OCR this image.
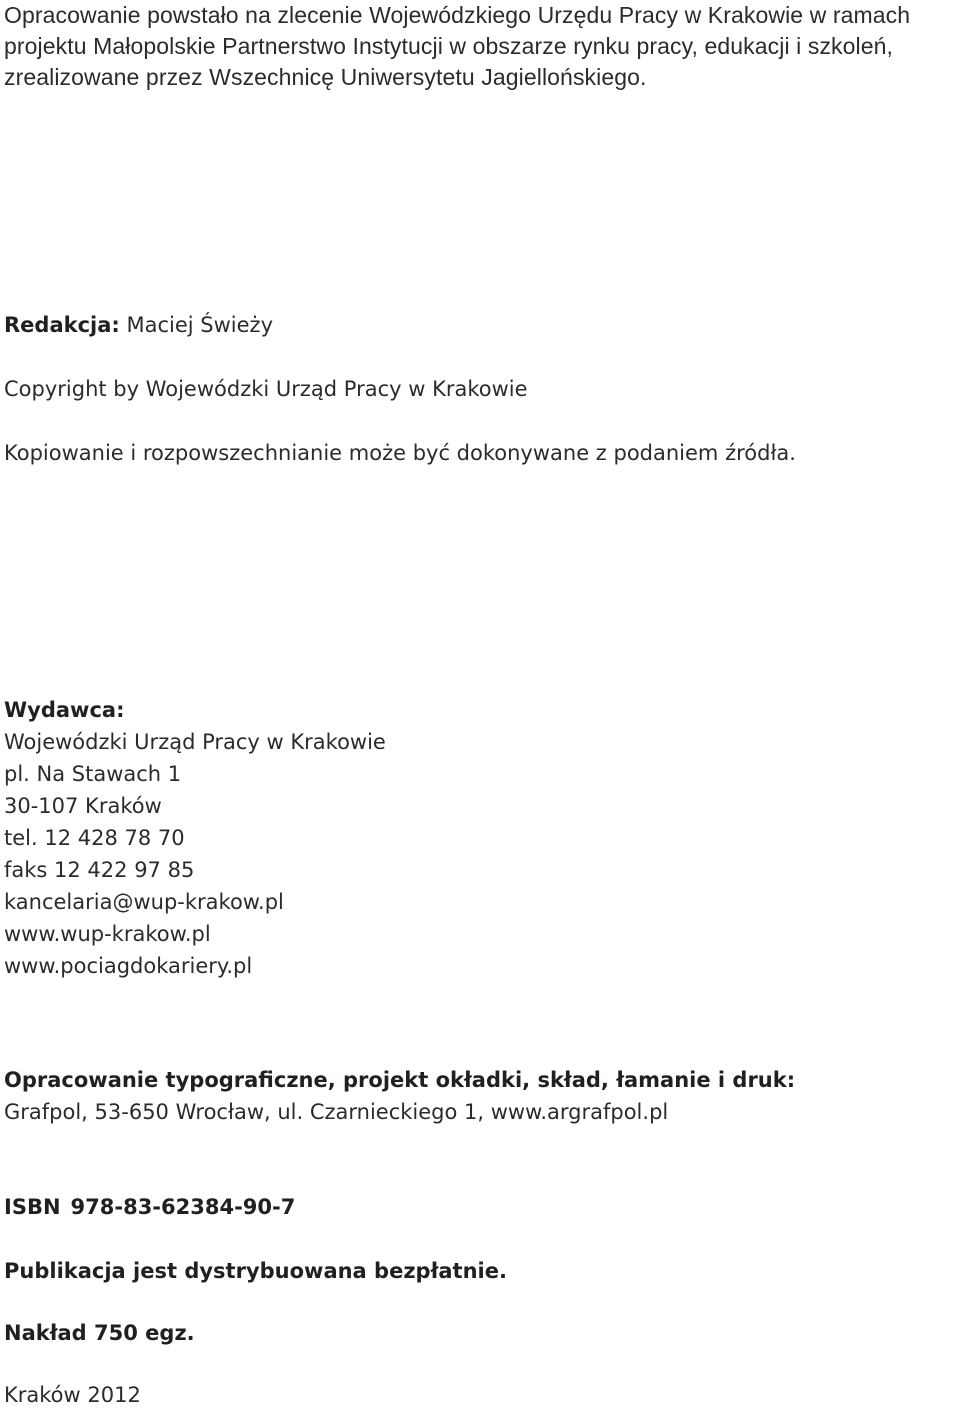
Opracowanie powstało na zlecenie Wojewódzkiego Urzędu Pracy w Krakowie w ramach
projektu Małopolskie Partnerstwo Instytucji w obszarze rynku pracy, edukacji i szkoleń,
zrealizowane przez Wszechnicę Uniwersytetu Jagiellońskiego.
Redakcja: Maciej Świeży
Copyright by Wojewódzki Urząd Pracy w Krakowie
Kopiowanie i rozpowszechnianie może być dokonywane z podaniem źródła.
Wydawca:
Wojewódzki Urząd Pracy w Krakowie
pl. Na Stawach 1
30-107 Kraków
tel. 12 428 78 70
faks 12 422 97 85
kancelaria@wup-krakow.pl
www.wup-krakow.pl
www.pociagdokariery.pl
Opracowanie typograficzne, projekt okładki, skład, łamanie i druk:
Grafpol, 53-650 Wrocław, ul. Czarnieckiego 1, www.argrafpol.pl
ISBN 978-83-62384-90-7
Publikacja jest dystrybuowana bezpłatnie.
Nakład 750 egz.
Kraków 2012
